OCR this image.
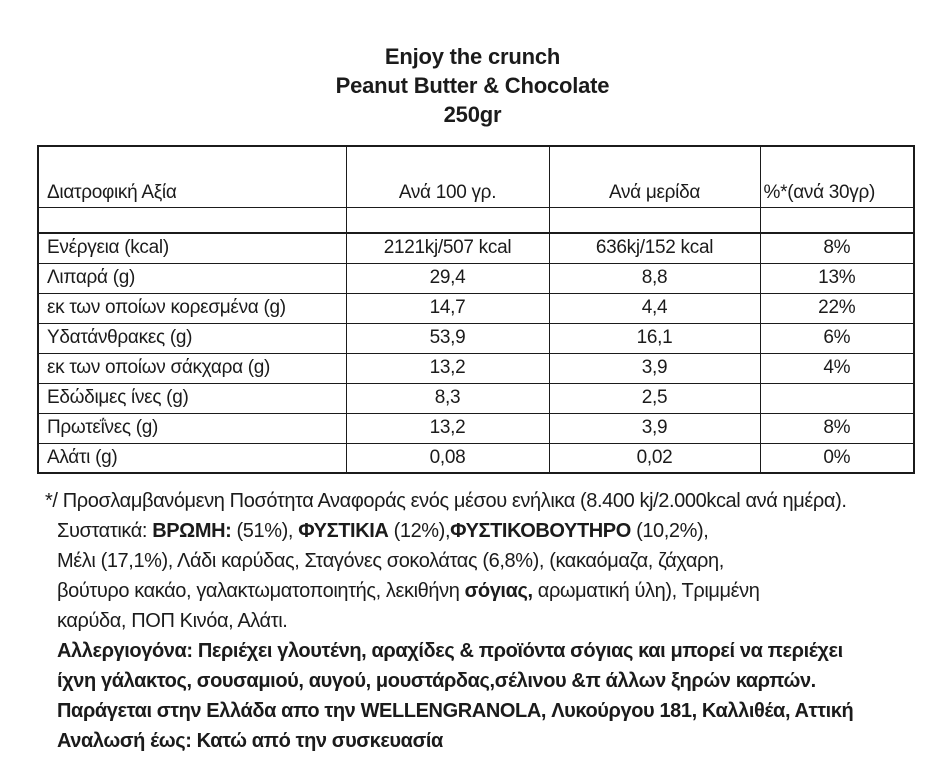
Enjoy the crunch
Peanut Butter & Chocolate
250gr
Διατροφική Αξία	Ανά 100 γρ.	Ανά μερίδα	%*(ανά 30γρ)

Ενέργεια (kcal)	2121kj/507 kcal	636kj/152 kcal	8%
Λιπαρά (g)	29,4	8,8	13%
εκ των οποίων κορεσμένα (g)	14,7	4,4	22%
Υδατάνθρακες (g)	53,9	16,1	6%
εκ των οποίων σάκχαρα (g)	13,2	3,9	4%
Εδώδιμες ίνες (g)	8,3	2,5	
Πρωτεΐνες (g)	13,2	3,9	8%
Αλάτι (g)	0,08	0,02	0%

*/ Προσλαμβανόμενη Ποσότητα Αναφοράς ενός μέσου ενήλικα (8.400 kj/2.000kcal ανά ημέρα).

Συστατικά: ΒΡΩΜΗ: (51%), ΦΥΣΤΙΚΙΑ (12%),ΦΥΣΤΙΚΟΒΟΥΤΗΡΟ (10,2%),
Μέλι (17,1%), Λάδι καρύδας, Σταγόνες σοκολάτας (6,8%), (κακαόμαζα, ζάχαρη,
βούτυρο κακάο, γαλακτωματοποιητής, λεκιθήνη σόγιας, αρωματική ύλη), Τριμμένη
καρύδα, ΠΟΠ Κινόα, Αλάτι.
Αλλεργιογόνα: Περιέχει γλουτένη, αραχίδες & προϊόντα σόγιας και μπορεί να περιέχει
ίχνη γάλακτος, σουσαμιού, αυγού, μουστάρδας,σέλινου &π άλλων ξηρών καρπών.

Παράγεται στην Ελλάδα απο την WELLENGRANOLA, Λυκούργου 181, Καλλιθέα, Αττική

Αναλωσή έως: Κατώ από την συσκευασία
